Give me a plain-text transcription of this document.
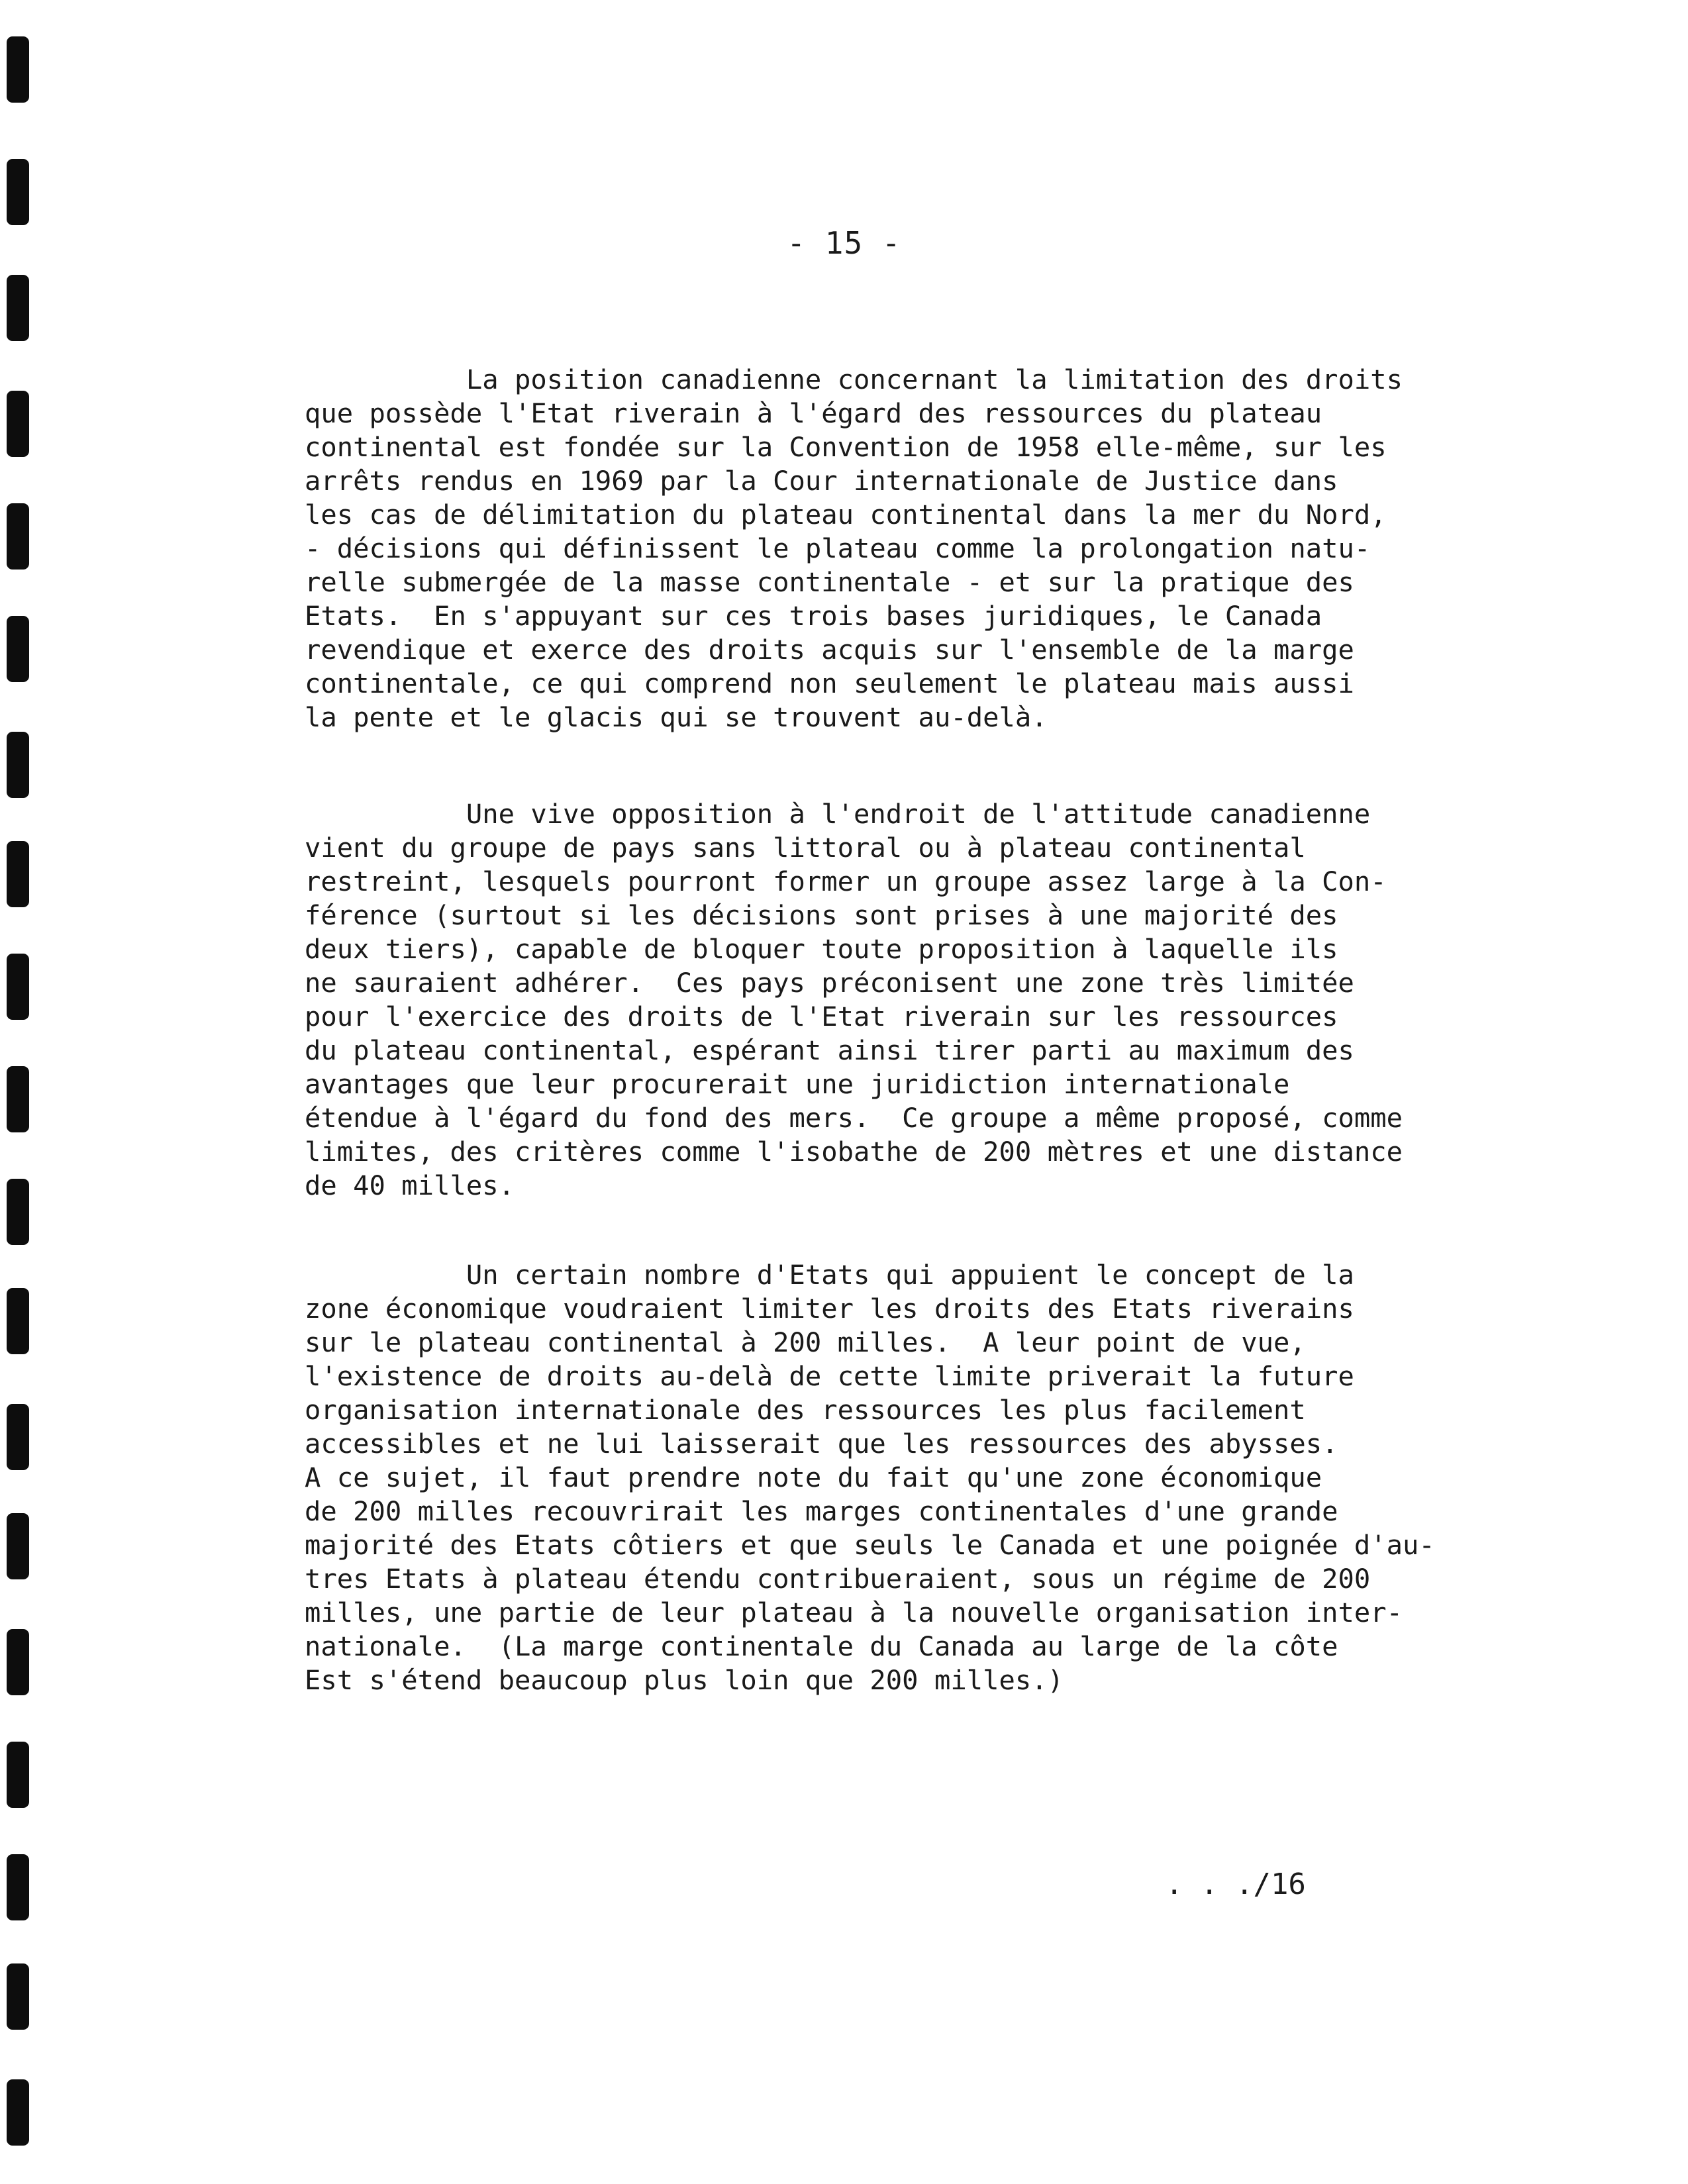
- 15 -

La position canadienne concernant la limitation des droits
que possède l'Etat riverain à l'égard des ressources du plateau
continental est fondée sur la Convention de 1958 elle-même, sur les
arrêts rendus en 1969 par la Cour internationale de Justice dans
les cas de délimitation du plateau continental dans la mer du Nord,
- décisions qui définissent le plateau comme la prolongation natu-
relle submergée de la masse continentale - et sur la pratique des
Etats.  En s'appuyant sur ces trois bases juridiques, le Canada
revendique et exerce des droits acquis sur l'ensemble de la marge
continentale, ce qui comprend non seulement le plateau mais aussi
la pente et le glacis qui se trouvent au-delà.

Une vive opposition à l'endroit de l'attitude canadienne
vient du groupe de pays sans littoral ou à plateau continental
restreint, lesquels pourront former un groupe assez large à la Con-
férence (surtout si les décisions sont prises à une majorité des
deux tiers), capable de bloquer toute proposition à laquelle ils
ne sauraient adhérer.  Ces pays préconisent une zone très limitée
pour l'exercice des droits de l'Etat riverain sur les ressources
du plateau continental, espérant ainsi tirer parti au maximum des
avantages que leur procurerait une juridiction internationale
étendue à l'égard du fond des mers.  Ce groupe a même proposé, comme
limites, des critères comme l'isobathe de 200 mètres et une distance
de 40 milles.

Un certain nombre d'Etats qui appuient le concept de la
zone économique voudraient limiter les droits des Etats riverains
sur le plateau continental à 200 milles.  A leur point de vue,
l'existence de droits au-delà de cette limite priverait la future
organisation internationale des ressources les plus facilement
accessibles et ne lui laisserait que les ressources des abysses.
A ce sujet, il faut prendre note du fait qu'une zone économique
de 200 milles recouvrirait les marges continentales d'une grande
majorité des Etats côtiers et que seuls le Canada et une poignée d'au-
tres Etats à plateau étendu contribueraient, sous un régime de 200
milles, une partie de leur plateau à la nouvelle organisation inter-
nationale.  (La marge continentale du Canada au large de la côte
Est s'étend beaucoup plus loin que 200 milles.)

. . ./16
